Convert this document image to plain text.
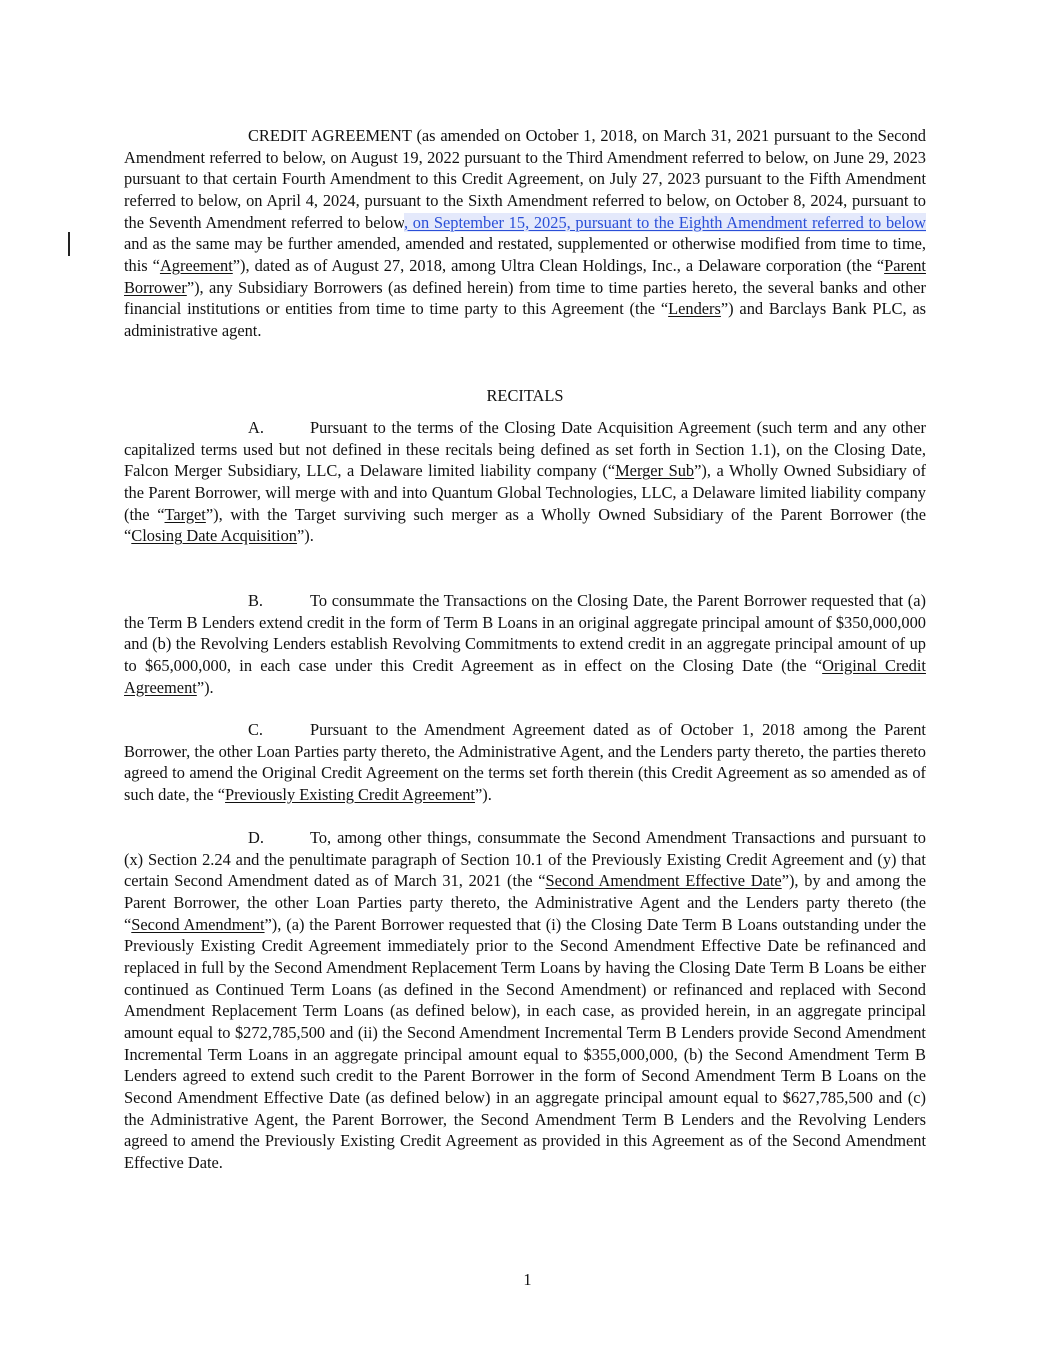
CREDIT AGREEMENT (as amended on October 1, 2018, on March 31, 2021 pursuant to the Second Amendment referred to below, on August 19, 2022 pursuant to the Third Amendment referred to below, on June 29, 2023 pursuant to that certain Fourth Amendment to this Credit Agreement, on July 27, 2023 pursuant to the Fifth Amendment referred to below, on April 4, 2024, pursuant to the Sixth Amendment referred to below, on October 8, 2024, pursuant to the Seventh Amendment referred to below, on September 15, 2025, pursuant to the Eighth Amendment referred to below and as the same may be further amended, amended and restated, supplemented or otherwise modified from time to time, this “Agreement”), dated as of August 27, 2018, among Ultra Clean Holdings, Inc., a Delaware corporation (the “Parent Borrower”), any Subsidiary Borrowers (as defined herein) from time to time parties hereto, the several banks and other financial institutions or entities from time to time party to this Agreement (the “Lenders”) and Barclays Bank PLC, as administrative agent.

RECITALS

A.	Pursuant to the terms of the Closing Date Acquisition Agreement (such term and any other capitalized terms used but not defined in these recitals being defined as set forth in Section 1.1), on the Closing Date, Falcon Merger Subsidiary, LLC, a Delaware limited liability company (“Merger Sub”), a Wholly Owned Subsidiary of the Parent Borrower, will merge with and into Quantum Global Technologies, LLC, a Delaware limited liability company (the “Target”), with the Target surviving such merger as a Wholly Owned Subsidiary of the Parent Borrower (the “Closing Date Acquisition”).

B.	To consummate the Transactions on the Closing Date, the Parent Borrower requested that (a) the Term B Lenders extend credit in the form of Term B Loans in an original aggregate principal amount of $350,000,000 and (b) the Revolving Lenders establish Revolving Commitments to extend credit in an aggregate principal amount of up to $65,000,000, in each case under this Credit Agreement as in effect on the Closing Date (the “Original Credit Agreement”).

C.	Pursuant to the Amendment Agreement dated as of October 1, 2018 among the Parent Borrower, the other Loan Parties party thereto, the Administrative Agent, and the Lenders party thereto, the parties thereto agreed to amend the Original Credit Agreement on the terms set forth therein (this Credit Agreement as so amended as of such date, the “Previously Existing Credit Agreement”).

D.	To, among other things, consummate the Second Amendment Transactions and pursuant to (x) Section 2.24 and the penultimate paragraph of Section 10.1 of the Previously Existing Credit Agreement and (y) that certain Second Amendment dated as of March 31, 2021 (the “Second Amendment Effective Date”), by and among the Parent Borrower, the other Loan Parties party thereto, the Administrative Agent and the Lenders party thereto (the “Second Amendment”), (a) the Parent Borrower requested that (i) the Closing Date Term B Loans outstanding under the Previously Existing Credit Agreement immediately prior to the Second Amendment Effective Date be refinanced and replaced in full by the Second Amendment Replacement Term Loans by having the Closing Date Term B Loans be either continued as Continued Term Loans (as defined in the Second Amendment) or refinanced and replaced with Second Amendment Replacement Term Loans (as defined below), in each case, as provided herein, in an aggregate principal amount equal to $272,785,500 and (ii) the Second Amendment Incremental Term B Lenders provide Second Amendment Incremental Term Loans in an aggregate principal amount equal to $355,000,000, (b) the Second Amendment Term B Lenders agreed to extend such credit to the Parent Borrower in the form of Second Amendment Term B Loans on the Second Amendment Effective Date (as defined below) in an aggregate principal amount equal to $627,785,500 and (c) the Administrative Agent, the Parent Borrower, the Second Amendment Term B Lenders and the Revolving Lenders agreed to amend the Previously Existing Credit Agreement as provided in this Agreement as of the Second Amendment Effective Date.

1
